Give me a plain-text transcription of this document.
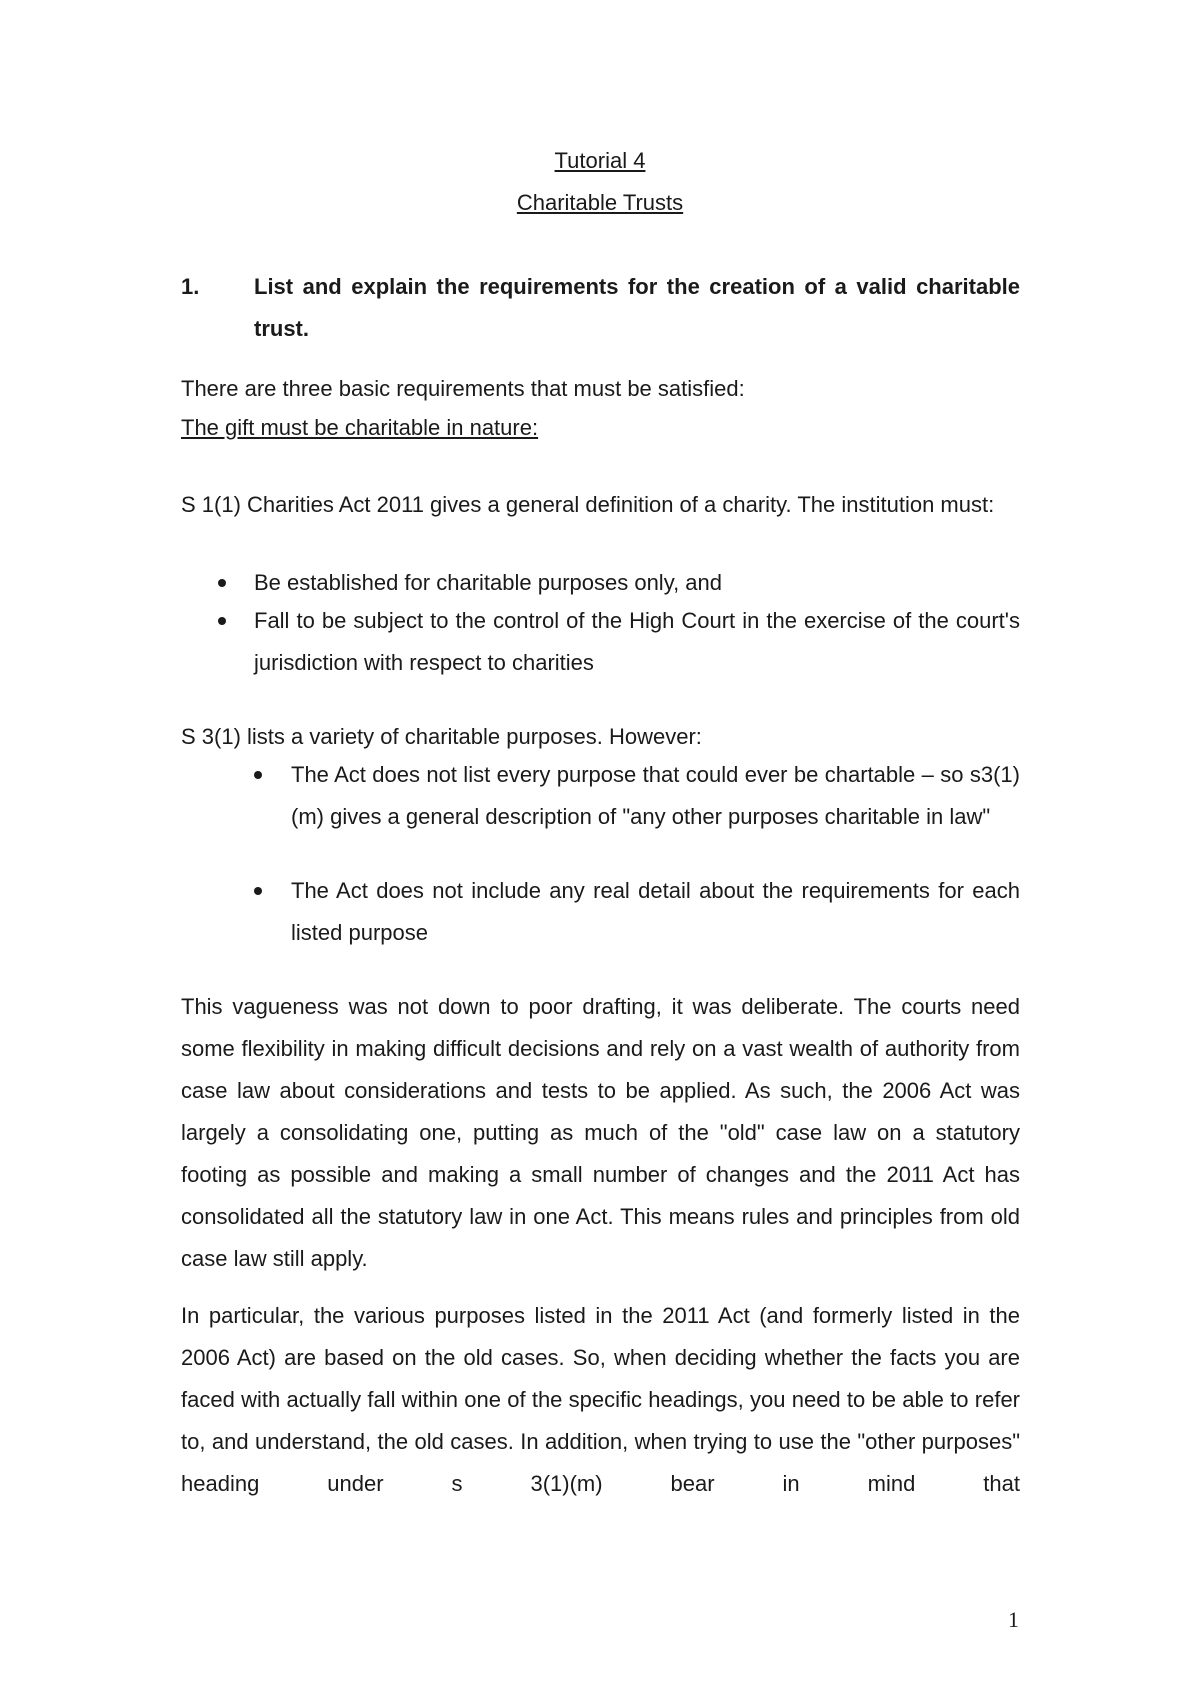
Tutorial 4
Charitable Trusts
1. List and explain the requirements for the creation of a valid charitable trust.
There are three basic requirements that must be satisfied:
The gift must be charitable in nature:
S 1(1) Charities Act 2011 gives a general definition of a charity. The institution must:
Be established for charitable purposes only, and
Fall to be subject to the control of the High Court in the exercise of the court's jurisdiction with respect to charities
S 3(1) lists a variety of charitable purposes. However:
The Act does not list every purpose that could ever be chartable – so s3(1)(m) gives a general description of "any other purposes charitable in law"
The Act does not include any real detail about the requirements for each listed purpose
This vagueness was not down to poor drafting, it was deliberate. The courts need some flexibility in making difficult decisions and rely on a vast wealth of authority from case law about considerations and tests to be applied. As such, the 2006 Act was largely a consolidating one, putting as much of the "old" case law on a statutory footing as possible and making a small number of changes and the 2011 Act has consolidated all the statutory law in one Act. This means rules and principles from old case law still apply.
In particular, the various purposes listed in the 2011 Act (and formerly listed in the 2006 Act) are based on the old cases. So, when deciding whether the facts you are faced with actually fall within one of the specific headings, you need to be able to refer to, and understand, the old cases. In addition, when trying to use the "other purposes" heading under s 3(1)(m) bear in mind that
1
